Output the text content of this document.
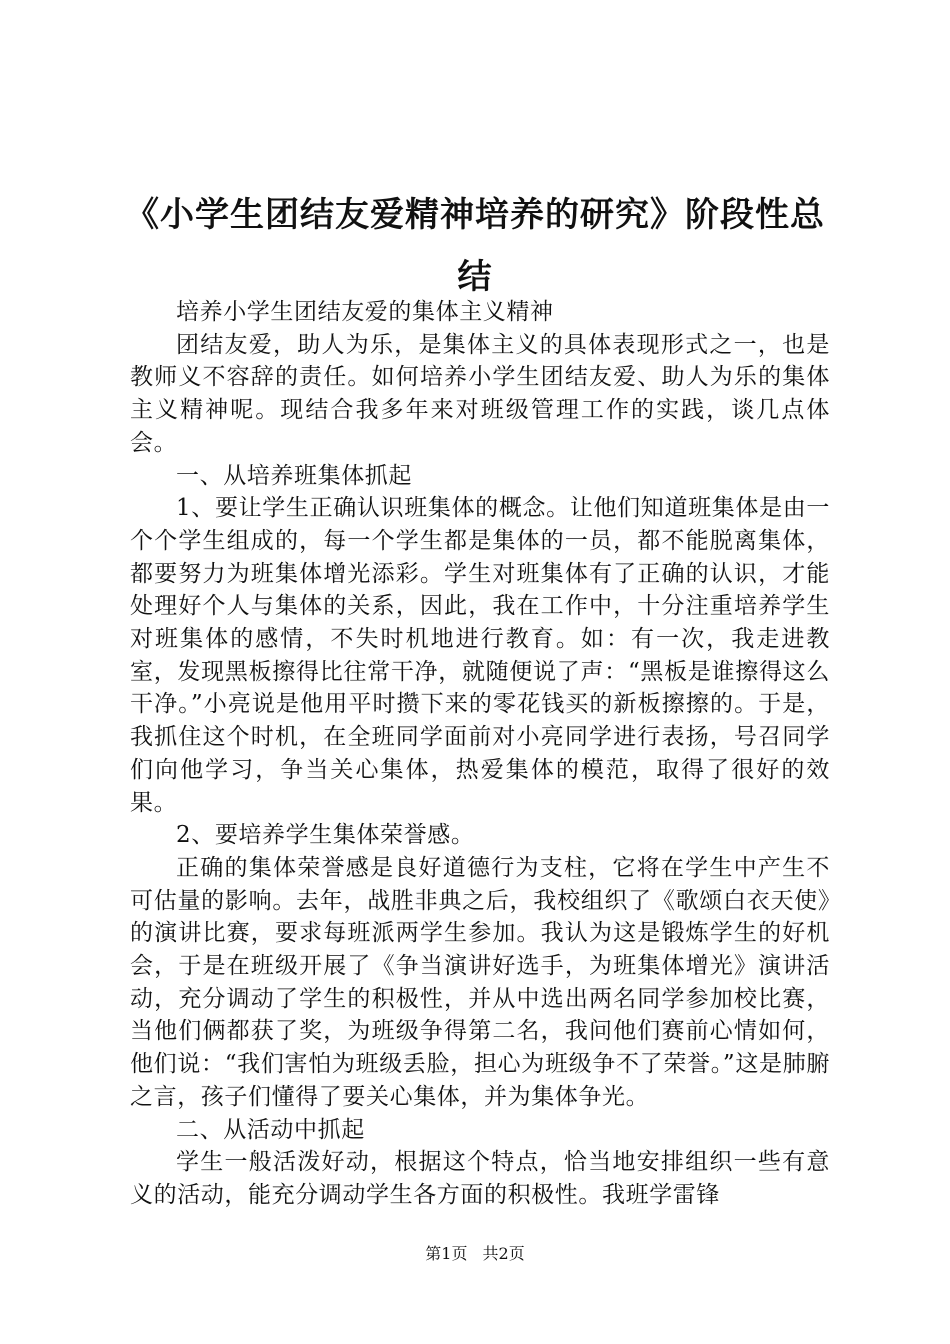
《小学生团结友爱精神培养的研究》阶段性总结

培养小学生团结友爱的集体主义精神

团结友爱，助人为乐，是集体主义的具体表现形式之一，也是教师义不容辞的责任。如何培养小学生团结友爱、助人为乐的集体主义精神呢。现结合我多年来对班级管理工作的实践，谈几点体会。

一、从培养班集体抓起

1、要让学生正确认识班集体的概念。让他们知道班集体是由一个个学生组成的，每一个学生都是集体的一员，都不能脱离集体，都要努力为班集体增光添彩。学生对班集体有了正确的认识，才能处理好个人与集体的关系，因此，我在工作中，十分注重培养学生对班集体的感情，不失时机地进行教育。如：有一次，我走进教室，发现黑板擦得比往常干净，就随便说了声：“黑板是谁擦得这么干净。”小亮说是他用平时攒下来的零花钱买的新板擦擦的。于是，我抓住这个时机，在全班同学面前对小亮同学进行表扬，号召同学们向他学习，争当关心集体，热爱集体的模范，取得了很好的效果。

2、要培养学生集体荣誉感。

正确的集体荣誉感是良好道德行为支柱，它将在学生中产生不可估量的影响。去年，战胜非典之后，我校组织了《歌颂白衣天使》的演讲比赛，要求每班派两学生参加。我认为这是锻炼学生的好机会，于是在班级开展了《争当演讲好选手，为班集体增光》演讲活动，充分调动了学生的积极性，并从中选出两名同学参加校比赛，当他们俩都获了奖，为班级争得第二名，我问他们赛前心情如何，他们说：“我们害怕为班级丢脸，担心为班级争不了荣誉。”这是肺腑之言，孩子们懂得了要关心集体，并为集体争光。

二、从活动中抓起

学生一般活泼好动，根据这个特点，恰当地安排组织一些有意义的活动，能充分调动学生各方面的积极性。我班学雷锋

第1页 共2页
